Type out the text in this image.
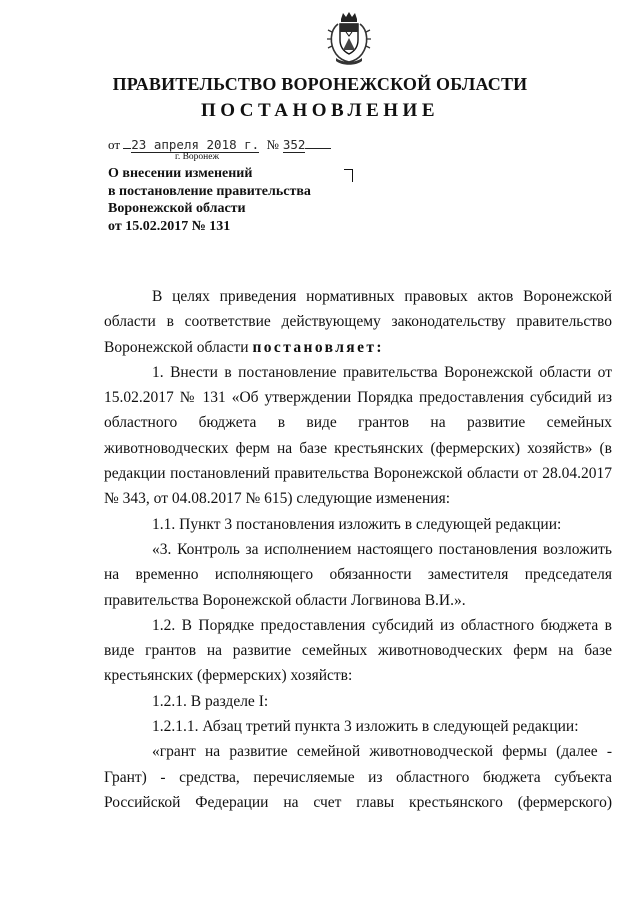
ПРАВИТЕЛЬСТВО ВОРОНЕЖСКОЙ ОБЛАСТИ
ПОСТАНОВЛЕНИЕ
от 23 апреля 2018 г. № 352
г. Воронеж
О внесении изменений
в постановление правительства
Воронежской области
от 15.02.2017 № 131

В целях приведения нормативных правовых актов Воронежской области в соответствие действующему законодательству правительство Воронежской области постановляет:

1. Внести в постановление правительства Воронежской области от 15.02.2017 № 131 «Об утверждении Порядка предоставления субсидий из областного бюджета в виде грантов на развитие семейных животноводческих ферм на базе крестьянских (фермерских) хозяйств» (в редакции постановлений правительства Воронежской области от 28.04.2017 № 343, от 04.08.2017 № 615) следующие изменения:

1.1. Пункт 3 постановления изложить в следующей редакции:

«3. Контроль за исполнением настоящего постановления возложить на временно исполняющего обязанности заместителя председателя правительства Воронежской области Логвинова В.И.».

1.2. В Порядке предоставления субсидий из областного бюджета в виде грантов на развитие семейных животноводческих ферм на базе крестьянских (фермерских) хозяйств:

1.2.1. В разделе I:

1.2.1.1. Абзац третий пункта 3 изложить в следующей редакции:

«грант на развитие семейной животноводческой фермы (далее - Грант) - средства, перечисляемые из областного бюджета субъекта Российской Федерации на счет главы крестьянского (фермерского)
